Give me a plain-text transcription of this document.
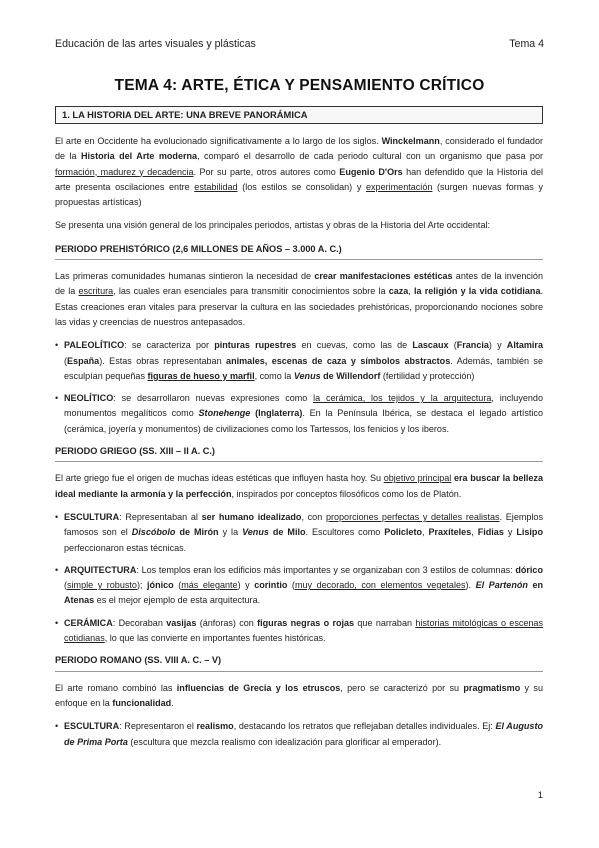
Educación de las artes visuales y plásticas	Tema 4
TEMA 4: ARTE, ÉTICA Y PENSAMIENTO CRÍTICO
1. LA HISTORIA DEL ARTE: UNA BREVE PANORÁMICA

El arte en Occidente ha evolucionado significativamente a lo largo de los siglos. Winckelmann, considerado el fundador de la Historia del Arte moderna, comparó el desarrollo de cada periodo cultural con un organismo que pasa por formación, madurez y decadencia. Por su parte, otros autores como Eugenio D'Ors han defendido que la Historia del arte presenta oscilaciones entre estabilidad (los estilos se consolidan) y experimentación (surgen nuevas formas y propuestas artísticas)

Se presenta una visión general de los principales periodos, artistas y obras de la Historia del Arte occidental:

PERIODO PREHISTÓRICO (2,6 MILLONES DE AÑOS – 3.000 A. C.)

Las primeras comunidades humanas sintieron la necesidad de crear manifestaciones estéticas antes de la invención de la escritura, las cuales eran esenciales para transmitir conocimientos sobre la caza, la religión y la vida cotidiana. Estas creaciones eran vitales para preservar la cultura en las sociedades prehistóricas, proporcionando nociones sobre las vidas y creencias de nuestros antepasados.

• PALEOLÍTICO: se caracteriza por pinturas rupestres en cuevas, como las de Lascaux (Francia) y Altamira (España). Estas obras representaban animales, escenas de caza y símbolos abstractos. Además, también se esculpían pequeñas figuras de hueso y marfil, como la Venus de Willendorf (fertilidad y protección)
• NEOLÍTICO: se desarrollaron nuevas expresiones como la cerámica, los tejidos y la arquitectura, incluyendo monumentos megalíticos como Stonehenge (Inglaterra). En la Península Ibérica, se destaca el legado artístico (cerámica, joyería y monumentos) de civilizaciones como los Tartessos, los fenicios y los iberos.
PERIODO GRIEGO (SS. XIII – II A. C.)

El arte griego fue el origen de muchas ideas estéticas que influyen hasta hoy. Su objetivo principal era buscar la belleza ideal mediante la armonía y la perfección, inspirados por conceptos filosóficos como los de Platón.

• ESCULTURA: Representaban al ser humano idealizado, con proporciones perfectas y detalles realistas. Ejemplos famosos son el Discóbolo de Mirón y la Venus de Milo. Escultores como Policleto, Praxíteles, Fidias y Lisipo perfeccionaron estas técnicas.
• ARQUITECTURA: Los templos eran los edificios más importantes y se organizaban con 3 estilos de columnas: dórico (simple y robusto); jónico (más elegante) y corintio (muy decorado, con elementos vegetales). El Partenón en Atenas es el mejor ejemplo de esta arquitectura.
• CERÁMICA: Decoraban vasijas (ánforas) con figuras negras o rojas que narraban historias mitológicas o escenas cotidianas, lo que las convierte en importantes fuentes históricas.
PERIODO ROMANO (SS. VIII A. C. – V)

El arte romano combinó las influencias de Grecia y los etruscos, pero se caracterizó por su pragmatismo y su enfoque en la funcionalidad.

• ESCULTURA: Representaron el realismo, destacando los retratos que reflejaban detalles individuales. Ej: El Augusto de Prima Porta (escultura que mezcla realismo con idealización para glorificar al emperador).
1
